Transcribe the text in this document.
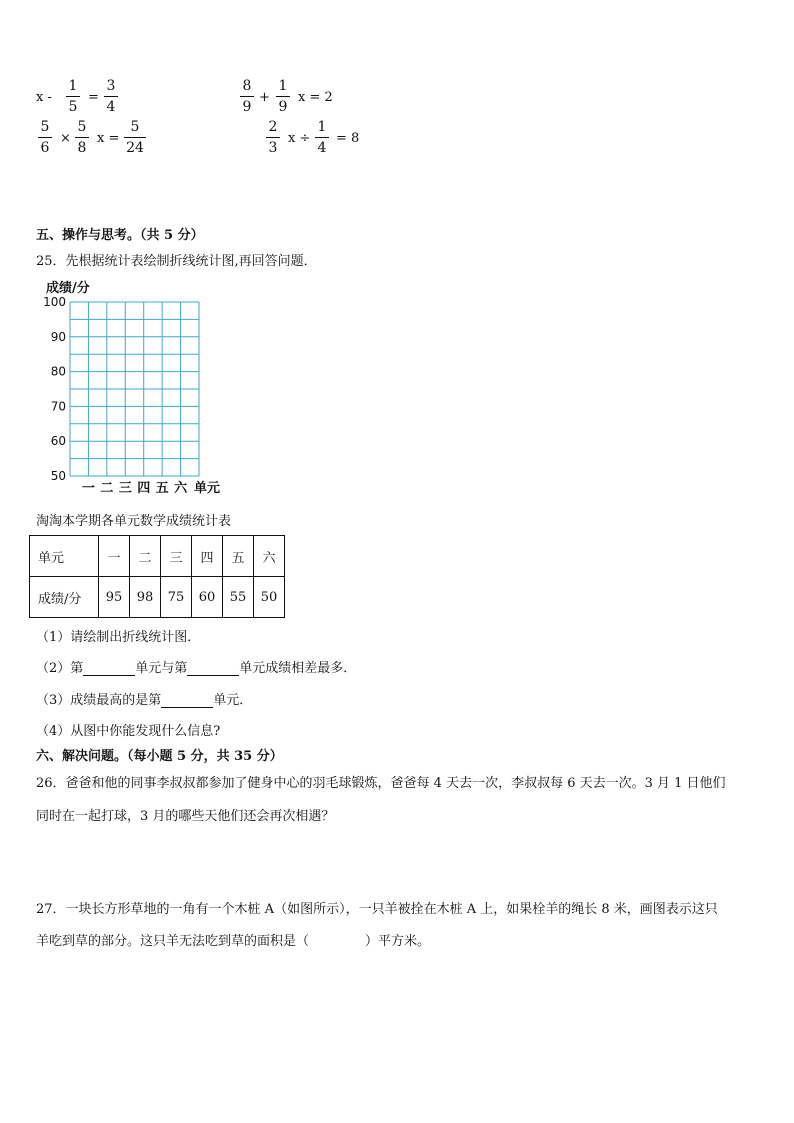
x -
1
5
=
3
4
8
9
+
1
9
x = 2
5
6
×
5
8
x =
5
24
2
3
x ÷
1
4
= 8
五、操作与思考。（共 5 分）
25．先根据统计表绘制折线统计图,再回答问题．
成绩/分
100
90
80
70
60
50
一 二 三 四 五 六 单元
淘淘本学期各单元数学成绩统计表
单元	一	二	三	四	五	六
成绩/分	95	98	75	60	55	50
（1）请绘制出折线统计图．
（2）第	单元与第	单元成绩相差最多．
（3）成绩最高的是第	单元．
（4）从图中你能发现什么信息?
六、解决问题。（每小题 5 分，共 35 分）
26．爸爸和他的同事李叔叔都参加了健身中心的羽毛球锻炼，爸爸每 4 天去一次，李叔叔每 6 天去一次。3 月 1 日他们
同时在一起打球，3 月的哪些天他们还会再次相遇？
27．一块长方形草地的一角有一个木桩 A（如图所示），一只羊被拴在木桩 A 上，如果栓羊的绳长 8 米，画图表示这只
羊吃到草的部分。这只羊无法吃到草的面积是（	）平方米。
